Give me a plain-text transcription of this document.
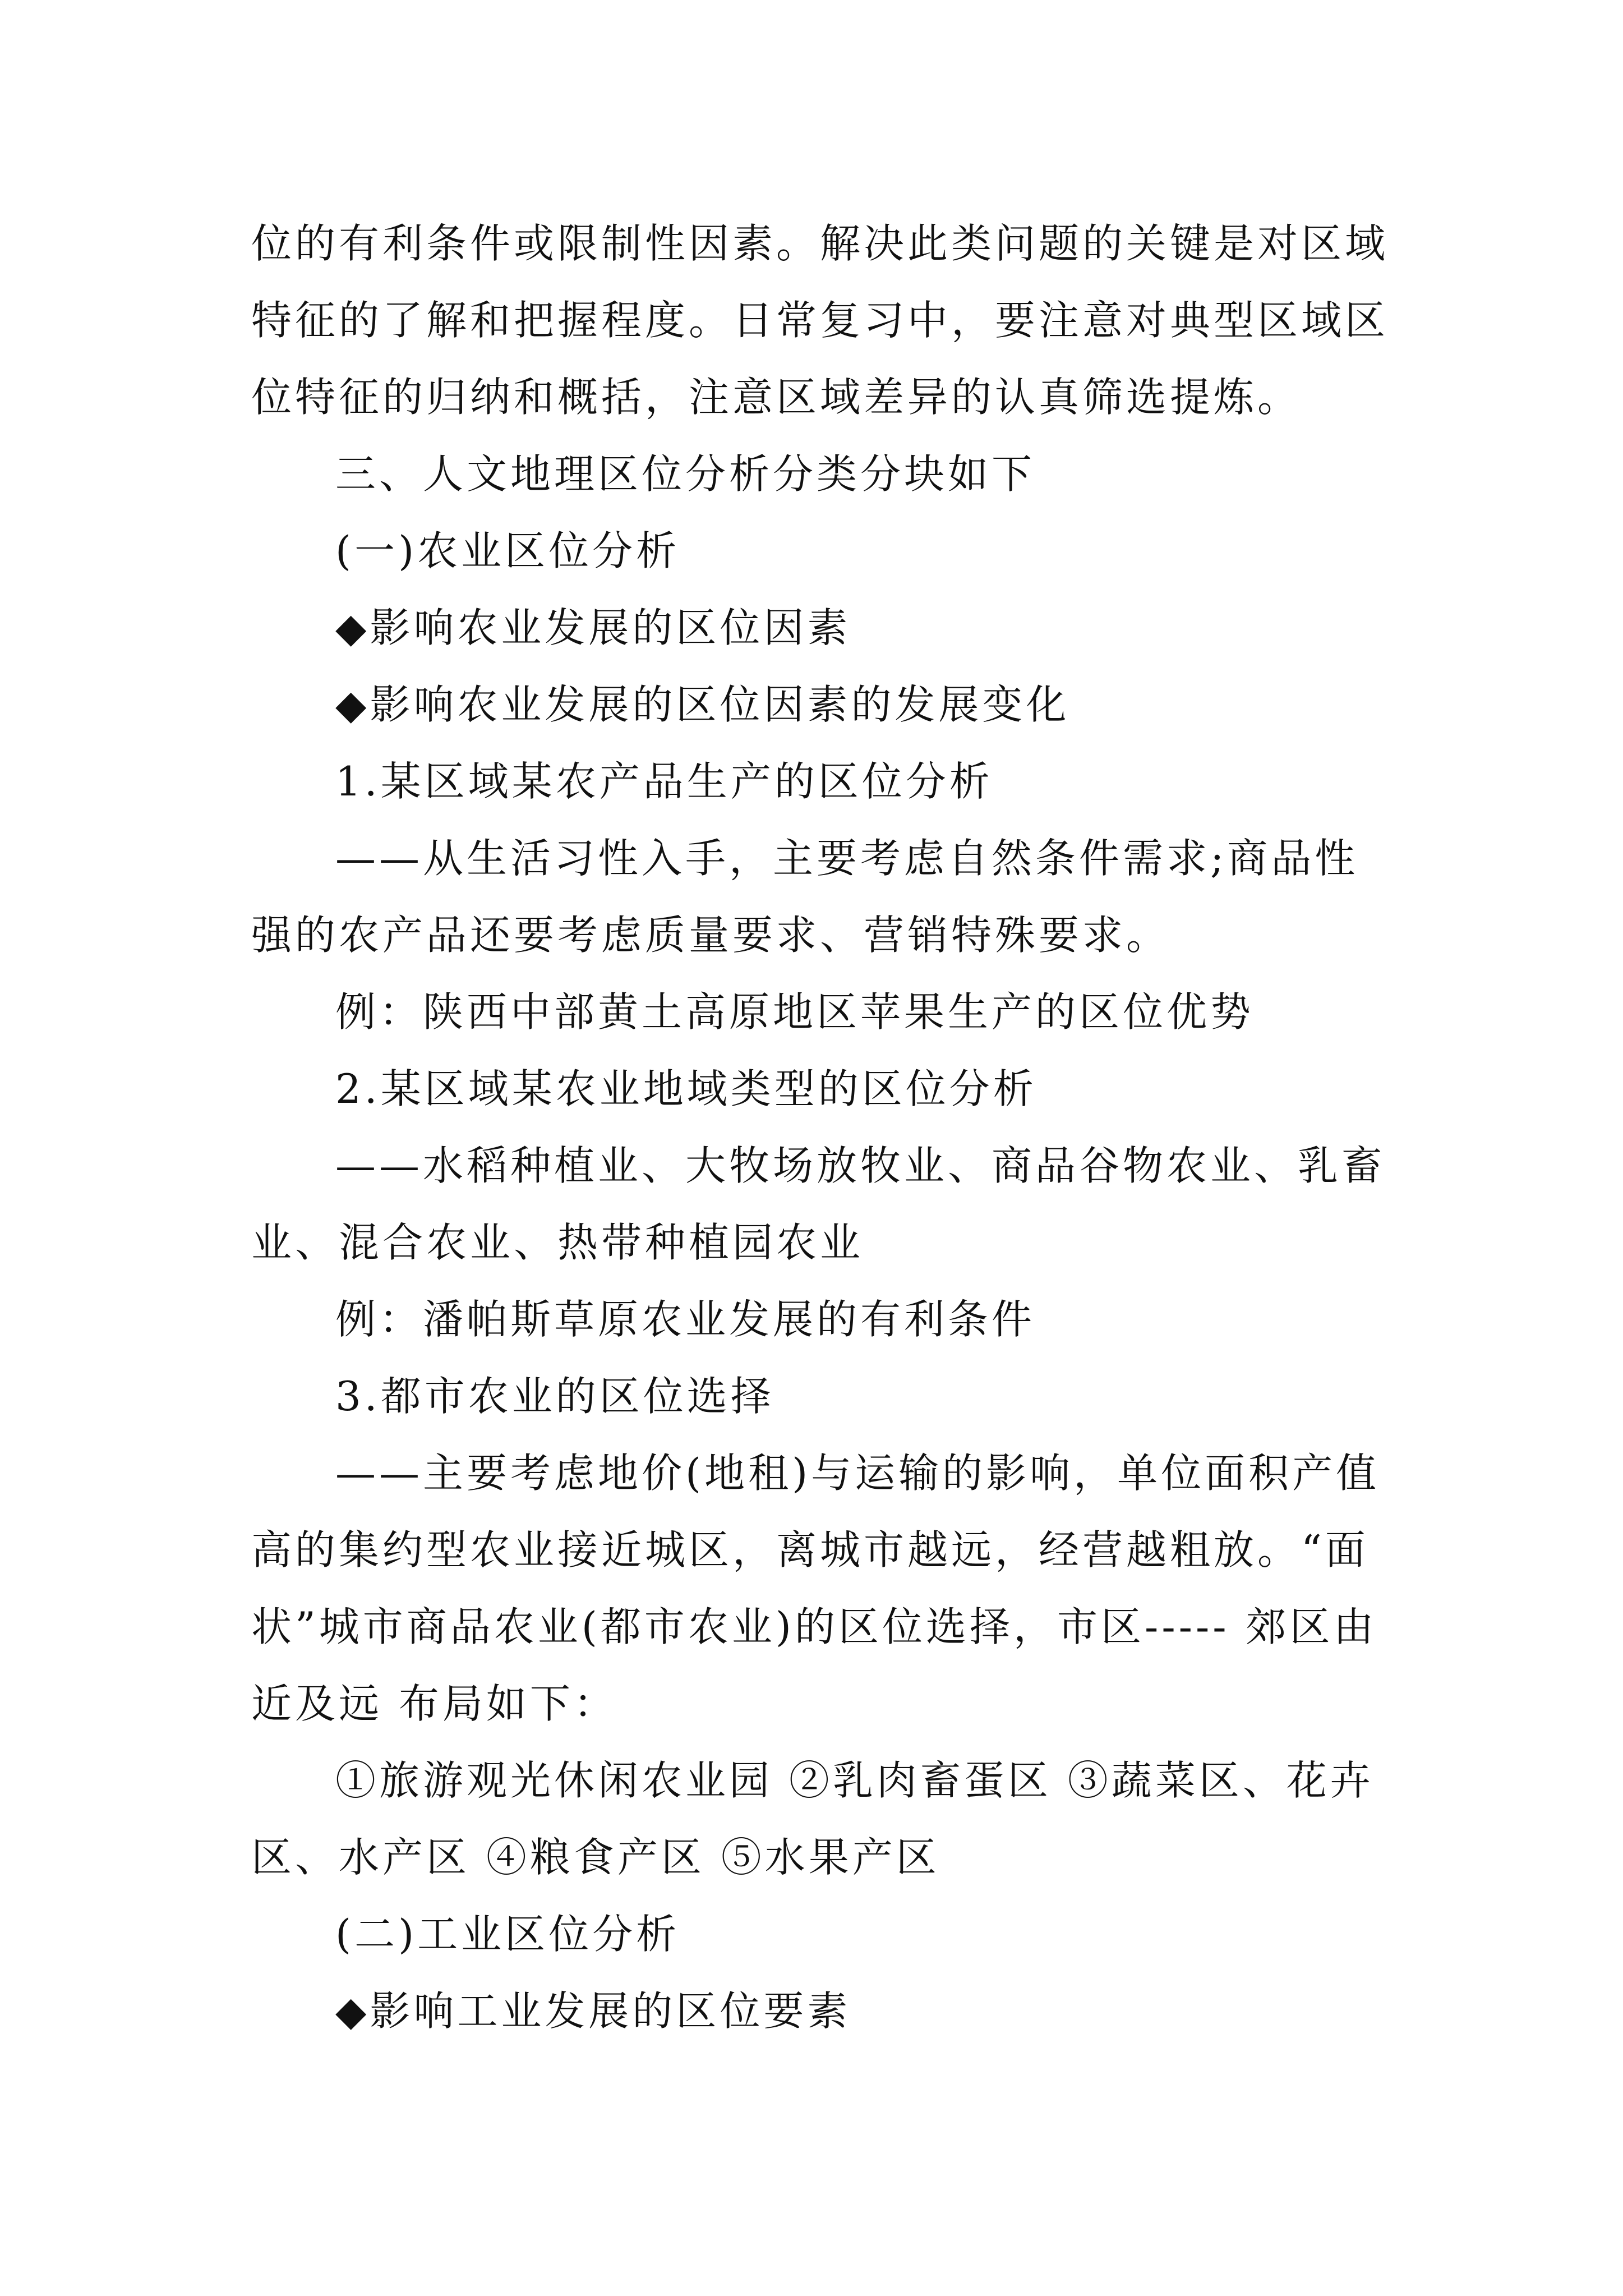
位的有利条件或限制性因素。解决此类问题的关键是对区域特征的了解和把握程度。日常复习中，要注意对典型区域区位特征的归纳和概括，注意区域差异的认真筛选提炼。

三、人文地理区位分析分类分块如下

(一)农业区位分析

◆影响农业发展的区位因素

◆影响农业发展的区位因素的发展变化

1.某区域某农产品生产的区位分析

——从生活习性入手，主要考虑自然条件需求;商品性强的农产品还要考虑质量要求、营销特殊要求。

例：陕西中部黄土高原地区苹果生产的区位优势

2.某区域某农业地域类型的区位分析

——水稻种植业、大牧场放牧业、商品谷物农业、乳畜业、混合农业、热带种植园农业

例：潘帕斯草原农业发展的有利条件

3.都市农业的区位选择

——主要考虑地价(地租)与运输的影响，单位面积产值高的集约型农业接近城区，离城市越远，经营越粗放。“面状”城市商品农业(都市农业)的区位选择，市区----- 郊区由近及远 布局如下：

①旅游观光休闲农业园 ②乳肉畜蛋区 ③蔬菜区、花卉区、水产区 ④粮食产区 ⑤水果产区

(二)工业区位分析

◆影响工业发展的区位要素
